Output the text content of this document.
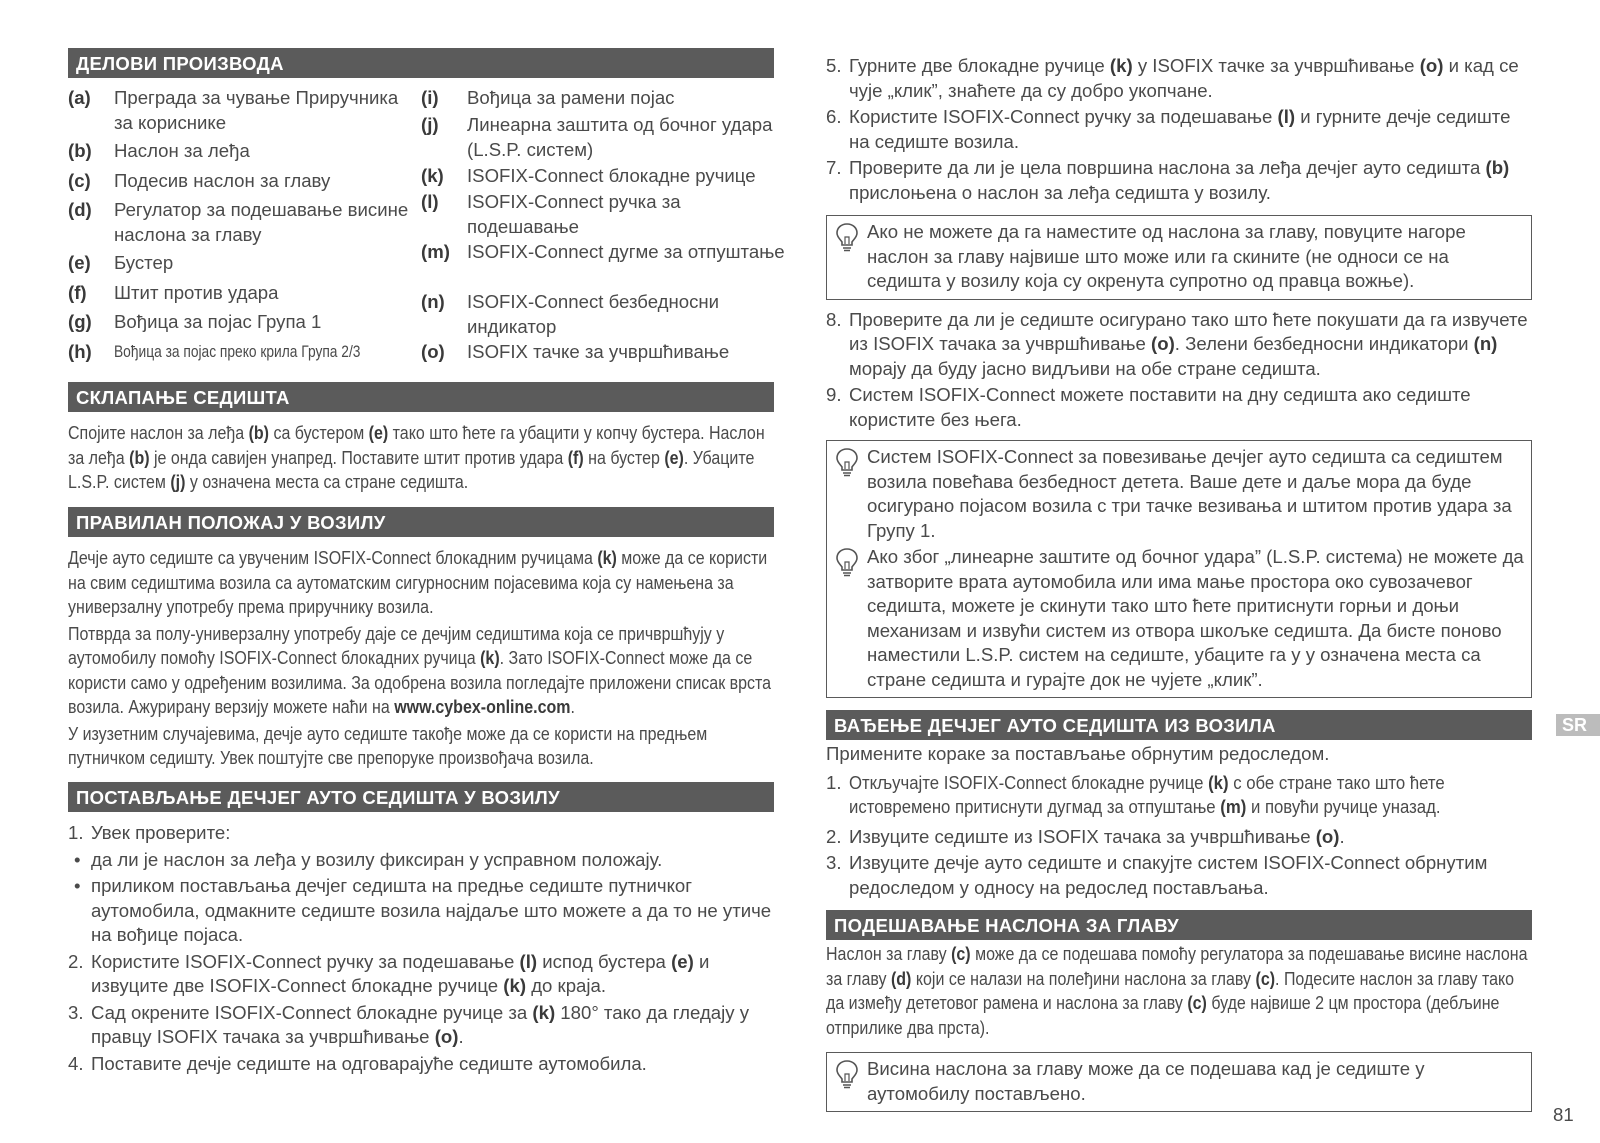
ДЕЛОВИ ПРОИЗВОДА
(a) Преграда за чување Приручника за кориснике
(b) Наслон за леђа
(c) Подесив наслон за главу
(d) Регулатор за подешавање висине наслона за главу
(e) Бустер
(f) Штит против удара
(g) Вођица за појас Група 1
(h) Вођица за појас преко крила Група 2/3
(i) Вођица за рамени појас
(j) Линеарна заштита од бочног удара (L.S.P. систем)
(k) ISOFIX-Connect блокадне ручице
(l) ISOFIX-Connect ручка за подешавање
(m) ISOFIX-Connect дугме за отпуштање
(n) ISOFIX-Connect безбедносни индикатор
(o) ISOFIX тачке за учвршћивање
СКЛАПАЊЕ СЕДИШТА

Спојите наслон за леђа (b) са бустером (e) тако што ћете га убацити у копчу бустера. Наслон за леђа (b) је онда савијен унапред. Поставите штит против удара (f) на бустер (e). Убаците L.S.P. систем (j) у означена места са стране седишта.

ПРАВИЛАН ПОЛОЖАЈ У ВОЗИЛУ

Дечје ауто седиште са увученим ISOFIX-Connect блокадним ручицама (k) може да се користи на свим седиштима возила са аутоматским сигурносним појасевима која су намењена за универзалну употребу према приручнику возила.

Потврда за полу-универзалну употребу даје се дечјим седиштима која се причвршћују у аутомобилу помоћу ISOFIX-Connect блокадних ручица (k). Зато ISOFIX-Connect може да се користи само у одређеним возилима. За одобрена возила погледајте приложени списак врста возила. Ажурирану верзију можете наћи на www.cybex-online.com.

У изузетним случајевима, дечје ауто седиште такође може да се користи на предњем путничком седишту. Увек поштујте све препоруке произвођача возила.

ПОСТАВЉАЊЕ ДЕЧЈЕГ АУТО СЕДИШТА У ВОЗИЛУ
1. Увек проверите:
• да ли је наслон за леђа у возилу фиксиран у усправном положају.
• приликом постављања дечјег седишта на предње седиште путничког аутомобила, одмакните седиште возила најдаље што можете а да то не утиче на вођице појаса.
2. Користите ISOFIX-Connect ручку за подешавање (l) испод бустера (e) и извуците две ISOFIX-Connect блокадне ручице (k) до краја.
3. Сад окрените ISOFIX-Connect блокадне ручице за (k) 180° тако да гледају у правцу ISOFIX тачака за учвршћивање (o).
4. Поставите дечје седиште на одговарајуће седиште аутомобила.
5. Гурните две блокадне ручице (k) у ISOFIX тачке за учвршћивање (o) и кад се чује „клик”, знаћете да су добро укопчане.
6. Користите ISOFIX-Connect ручку за подешавање (l) и гурните дечје седиште на седиште возила.
7. Проверите да ли је цела површина наслона за леђа дечјег ауто седишта (b) прислоњена о наслон за леђа седишта у возилу.
Ако не можете да га наместите од наслона за главу, повуците нагоре наслон за главу највише што може или га скините (не односи се на седишта у возилу која су окренута супротно од правца вожње).
8. Проверите да ли је седиште осигурано тако што ћете покушати да га извучете из ISOFIX тачака за учвршћивање (o). Зелени безбедносни индикатори (n) морају да буду јасно видљиви на обе стране седишта.
9. Систем ISOFIX-Connect можете поставити на дну седишта ако седиште користите без њега.
Систем ISOFIX-Connect за повезивање дечјег ауто седишта са седиштем возила повећава безбедност детета. Ваше дете и даље мора да буде осигурано појасом возила с три тачке везивања и штитом против удара за Групу 1.
Ако због „линеарне заштите од бочног удара” (L.S.P. система) не можете да затворите врата аутомобила или има мање простора око сувозачевог седишта, можете је скинути тако што ћете притиснути горњи и доњи механизам и извући систем из отвора шкољке седишта. Да бисте поново наместили L.S.P. систем на седиште, убаците га у у означена места са стране седишта и гурајте док не чујете „клик”.
ВАЂЕЊЕ ДЕЧЈЕГ АУТО СЕДИШТА ИЗ ВОЗИЛА

Примените кораке за постављање обрнутим редоследом.

1. Откључајте ISOFIX-Connect блокадне ручице (k) с обе стране тако што ћете истовремено притиснути дугмад за отпуштање (m) и повући ручице уназад.
2. Извуците седиште из ISOFIX тачака за учвршћивање (o).
3. Извуците дечје ауто седиште и спакујте систем ISOFIX-Connect обрнутим редоследом у односу на редослед постављања.
ПОДЕШАВАЊЕ НАСЛОНА ЗА ГЛАВУ

Наслон за главу (c) може да се подешава помоћу регулатора за подешавање висине наслона за главу (d) који се налази на полеђини наслона за главу (c). Подесите наслон за главу тако да између дететовог рамена и наслона за главу (c) буде највише 2 цм простора (дебљине отприлике два прста).

Висина наслона за главу може да се подешава кад је седиште у аутомобилу постављено.
SR
81
